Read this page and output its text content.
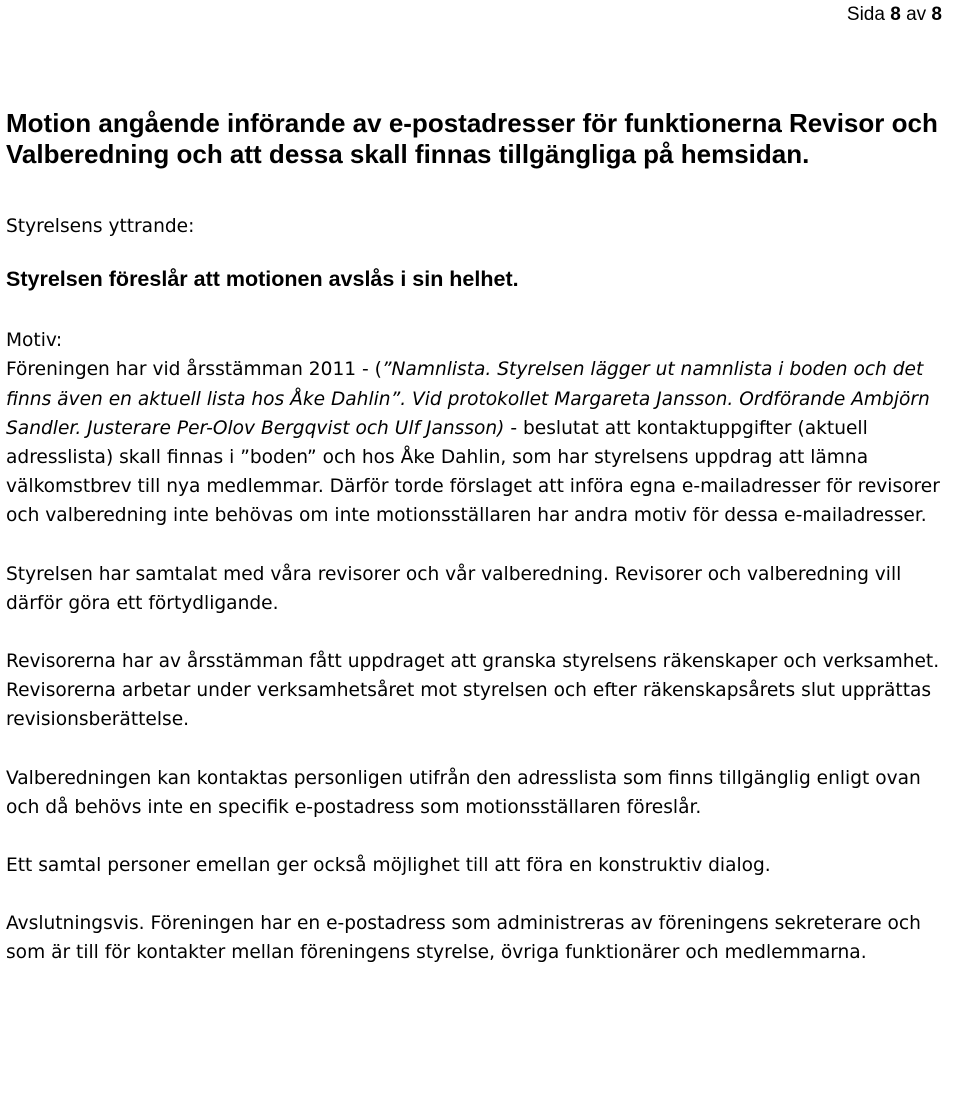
Sida 8 av 8
Motion angående införande av e-postadresser för funktionerna Revisor och Valberedning och att dessa skall finnas tillgängliga på hemsidan.

Styrelsens yttrande:

Styrelsen föreslår att motionen avslås i sin helhet.

Motiv:

Föreningen har vid årsstämman 2011 - (”Namnlista. Styrelsen lägger ut namnlista i boden och det finns även en aktuell lista hos Åke Dahlin”. Vid protokollet Margareta Jansson. Ordförande Ambjörn Sandler. Justerare Per-Olov Bergqvist och Ulf Jansson) - beslutat att kontaktuppgifter (aktuell adresslista) skall finnas i ”boden” och hos Åke Dahlin, som har styrelsens uppdrag att lämna välkomstbrev till nya medlemmar. Därför torde förslaget att införa egna e-mailadresser för revisorer och valberedning inte behövas om inte motionsställaren har andra motiv för dessa e-mailadresser.

Styrelsen har samtalat med våra revisorer och vår valberedning. Revisorer och valberedning vill därför göra ett förtydligande.

Revisorerna har av årsstämman fått uppdraget att granska styrelsens räkenskaper och verksamhet. Revisorerna arbetar under verksamhetsåret mot styrelsen och efter räkenskapsårets slut upprättas revisionsberättelse.

Valberedningen kan kontaktas personligen utifrån den adresslista som finns tillgänglig enligt ovan och då behövs inte en specifik e-postadress som motionsställaren föreslår.

Ett samtal personer emellan ger också möjlighet till att föra en konstruktiv dialog.

Avslutningsvis. Föreningen har en e-postadress som administreras av föreningens sekreterare och som är till för kontakter mellan föreningens styrelse, övriga funktionärer och medlemmarna.
